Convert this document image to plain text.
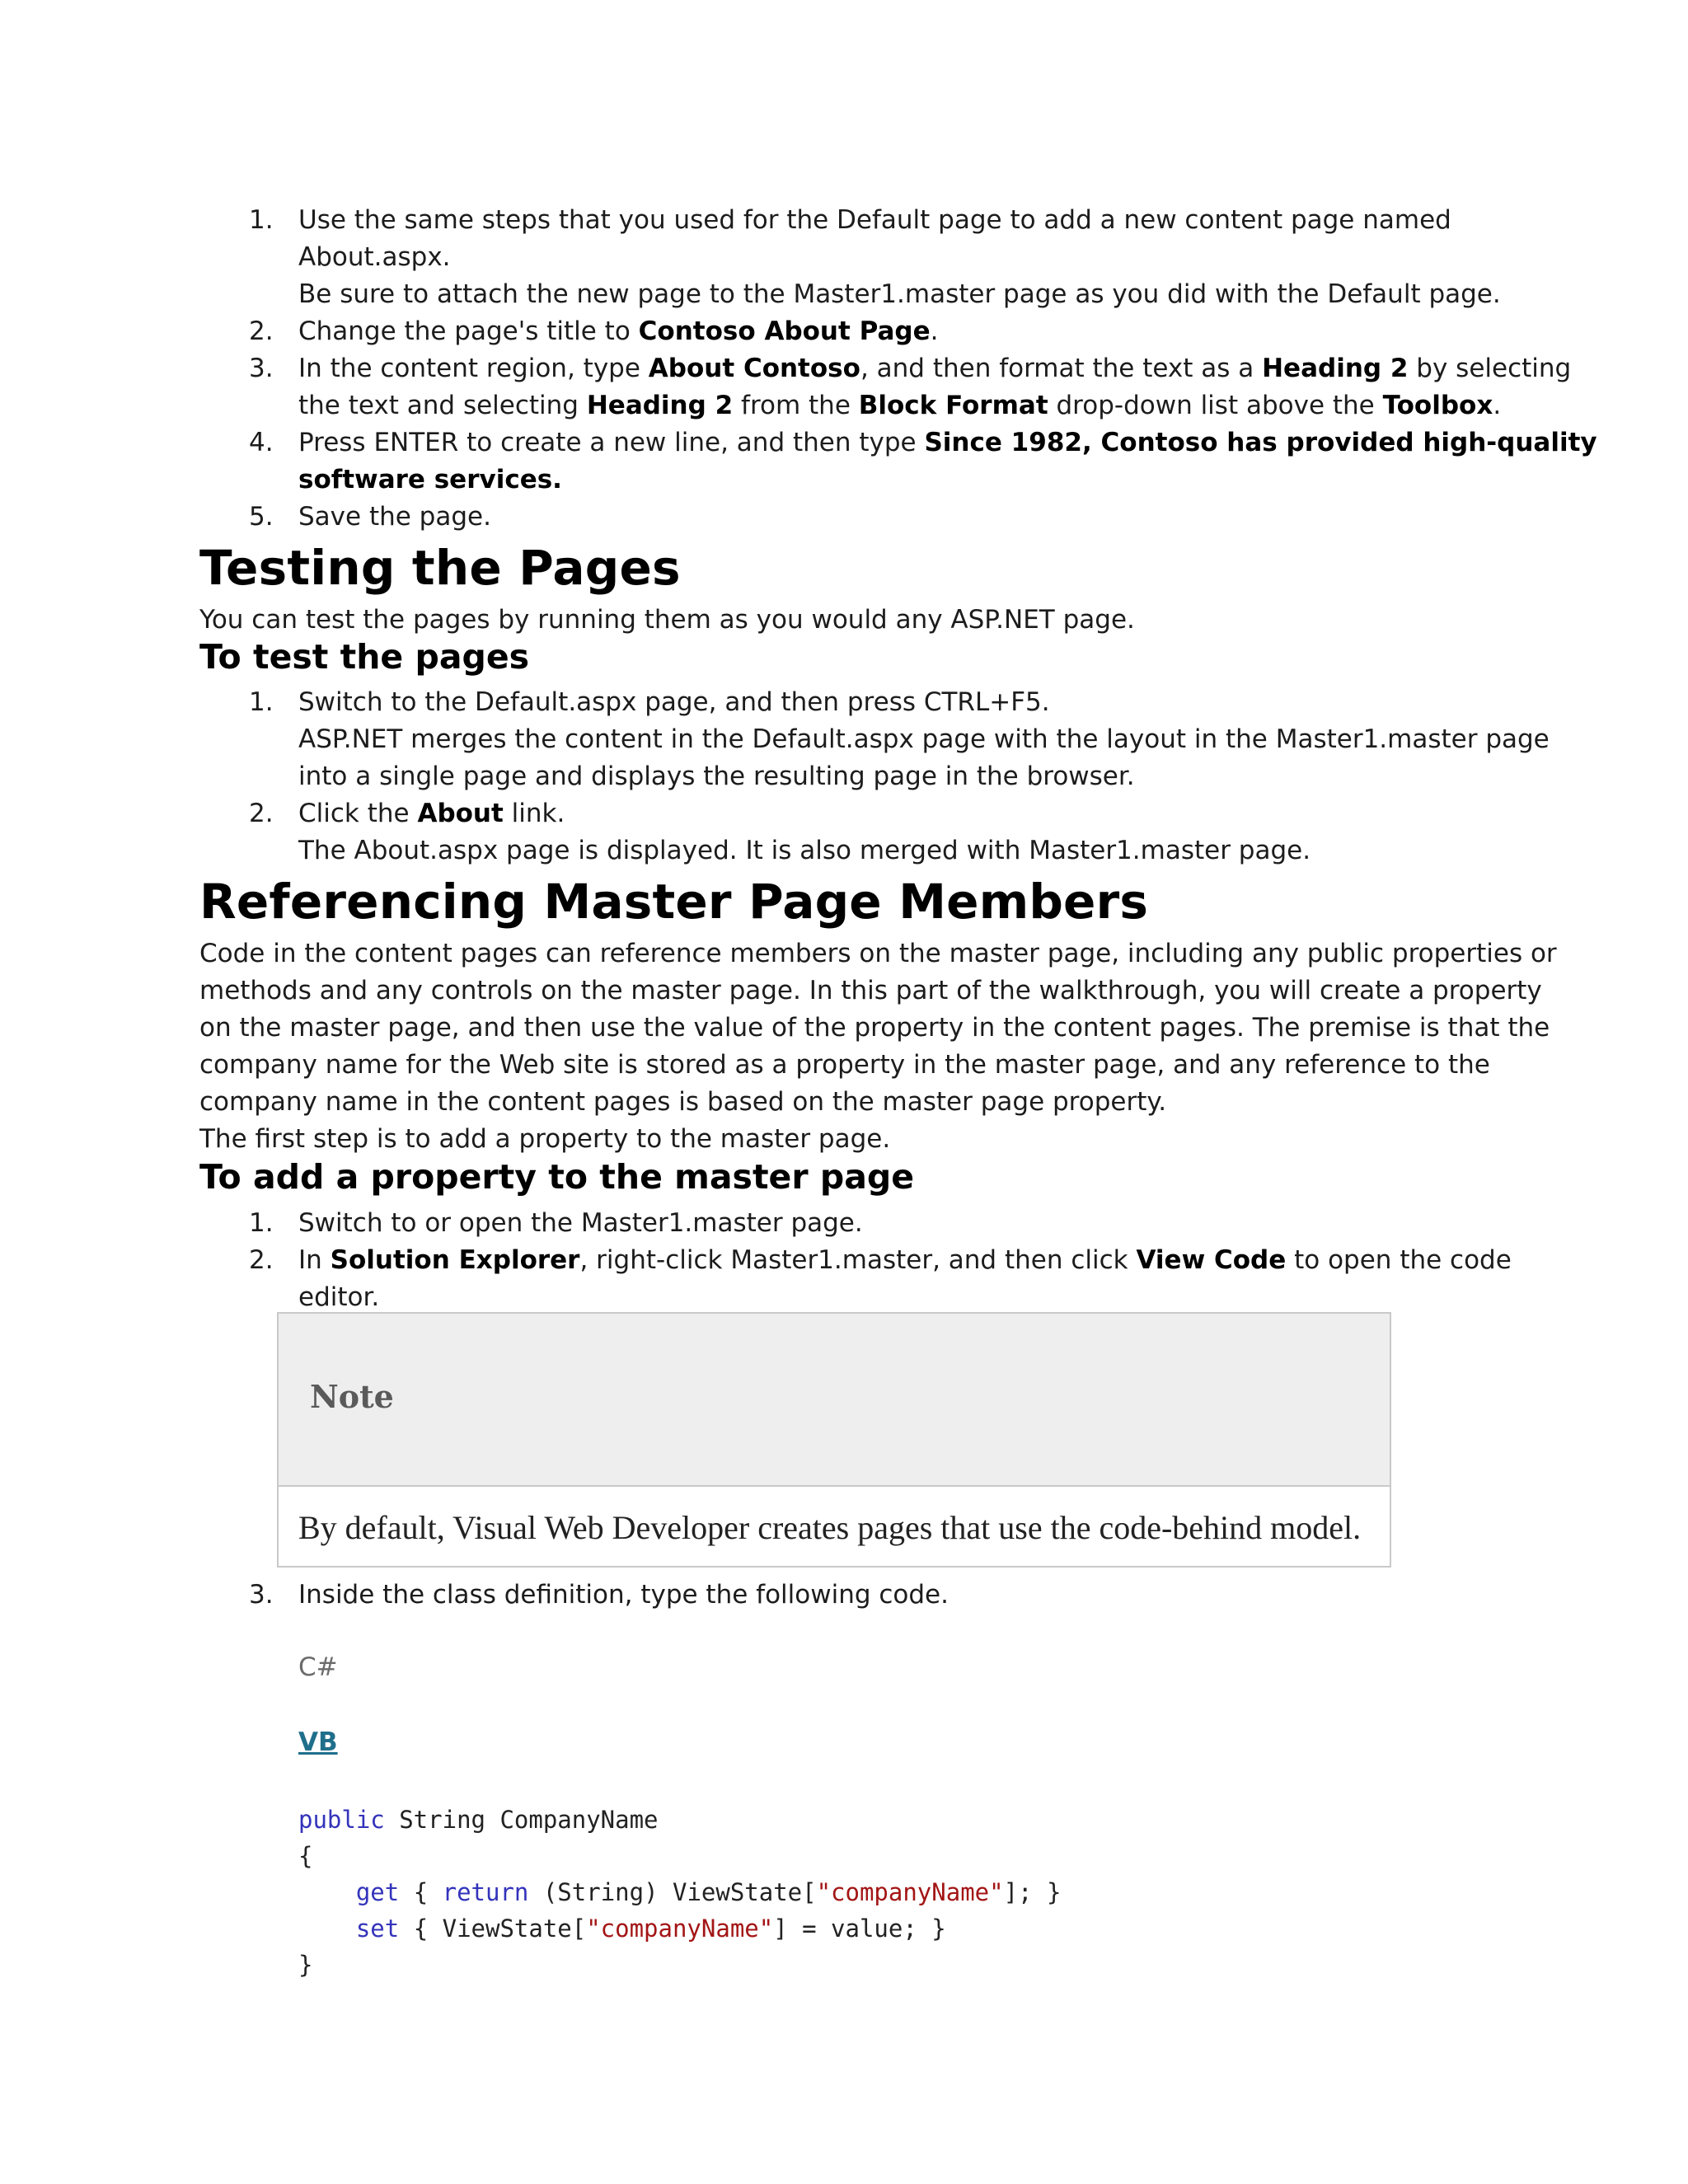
1. Use the same steps that you used for the Default page to add a new content page named
About.aspx.
Be sure to attach the new page to the Master1.master page as you did with the Default page.
2. Change the page's title to Contoso About Page.
3. In the content region, type About Contoso, and then format the text as a Heading 2 by selecting
the text and selecting Heading 2 from the Block Format drop-down list above the Toolbox.
4. Press ENTER to create a new line, and then type Since 1982, Contoso has provided high-quality
software services.
5. Save the page.
Testing the Pages
You can test the pages by running them as you would any ASP.NET page.
To test the pages
1. Switch to the Default.aspx page, and then press CTRL+F5.
ASP.NET merges the content in the Default.aspx page with the layout in the Master1.master page
into a single page and displays the resulting page in the browser.
2. Click the About link.
The About.aspx page is displayed. It is also merged with Master1.master page.
Referencing Master Page Members
Code in the content pages can reference members on the master page, including any public properties or
methods and any controls on the master page. In this part of the walkthrough, you will create a property
on the master page, and then use the value of the property in the content pages. The premise is that the
company name for the Web site is stored as a property in the master page, and any reference to the
company name in the content pages is based on the master page property.
The first step is to add a property to the master page.
To add a property to the master page
1. Switch to or open the Master1.master page.
2. In Solution Explorer, right-click Master1.master, and then click View Code to open the code
editor.
Note
By default, Visual Web Developer creates pages that use the code-behind model.
3. Inside the class definition, type the following code.
C#
VB
public String CompanyName
{
get { return (String) ViewState["companyName"]; }
set { ViewState["companyName"] = value; }
}
